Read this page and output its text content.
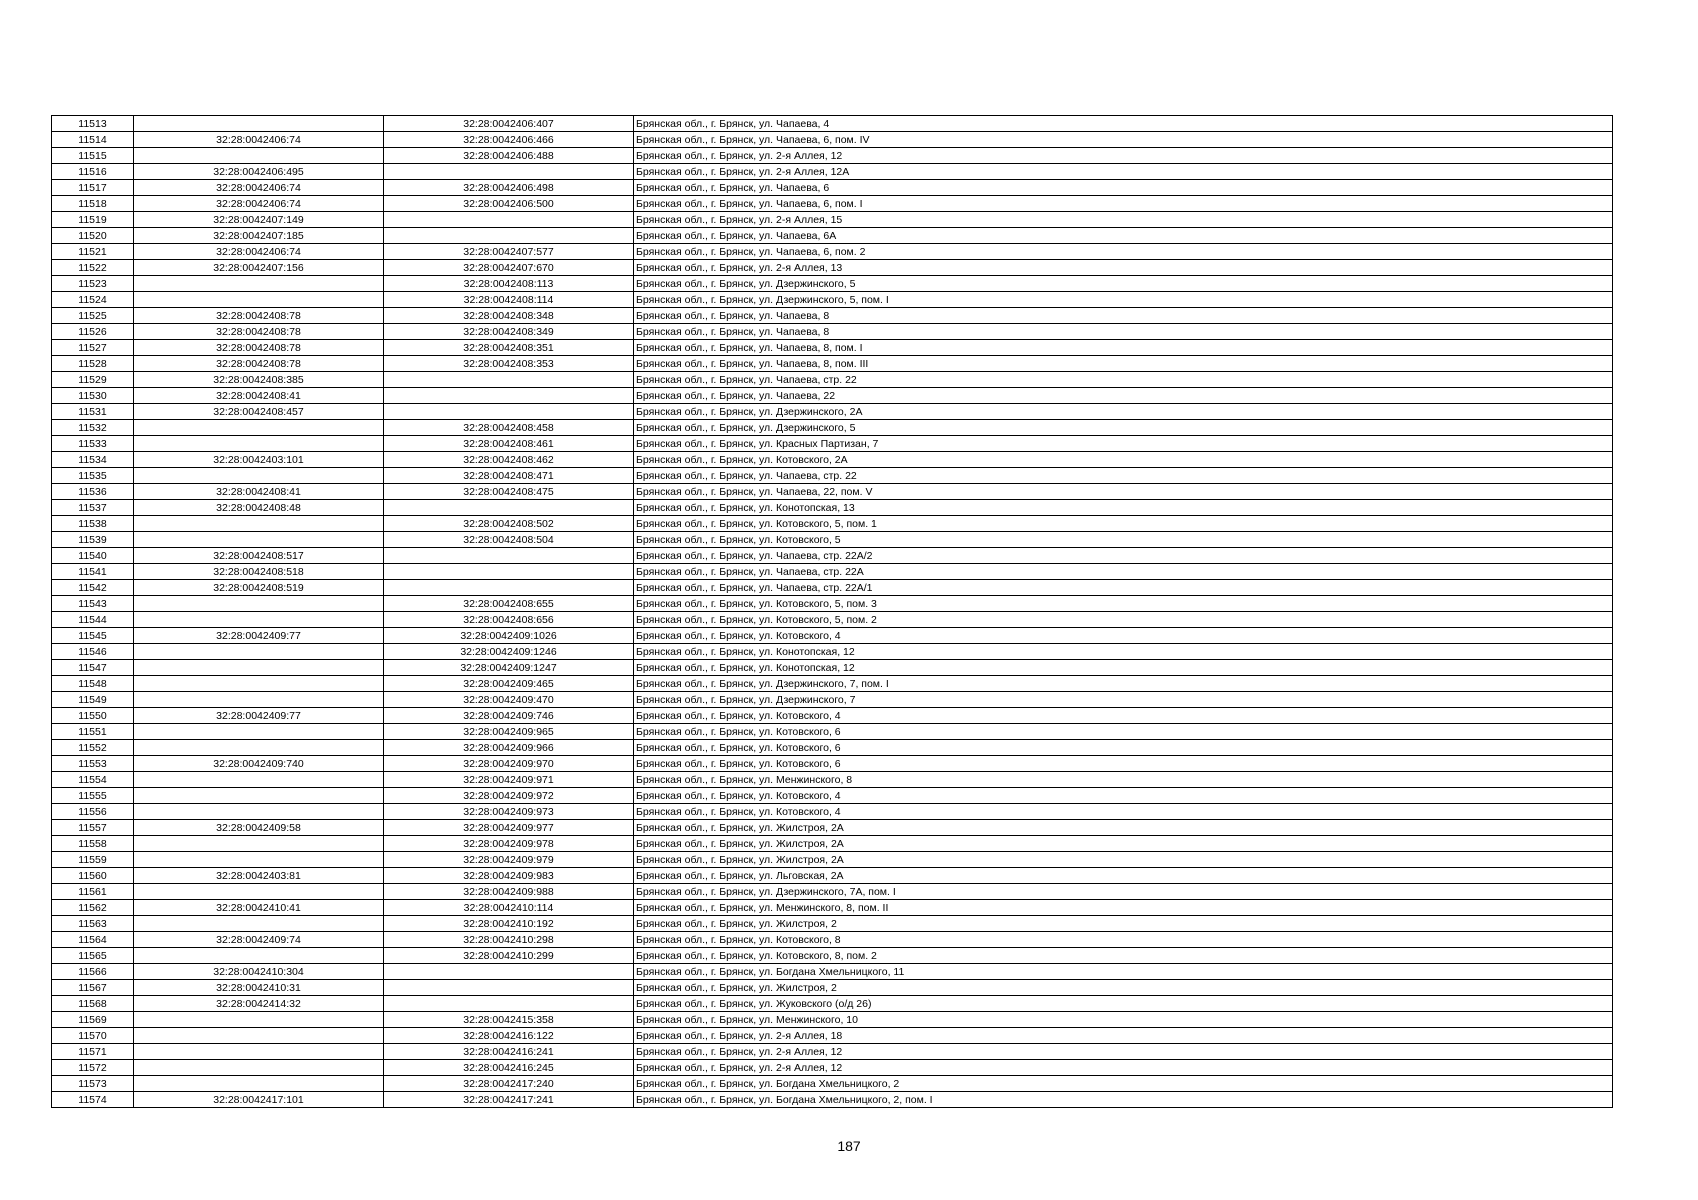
11513		32:28:0042406:407	Брянская обл., г. Брянск, ул. Чапаева, 4
11514	32:28:0042406:74	32:28:0042406:466	Брянская обл., г. Брянск, ул. Чапаева, 6, пом. IV
11515		32:28:0042406:488	Брянская обл., г. Брянск, ул. 2-я Аллея, 12
11516	32:28:0042406:495		Брянская обл., г. Брянск, ул. 2-я Аллея, 12А
11517	32:28:0042406:74	32:28:0042406:498	Брянская обл., г. Брянск, ул. Чапаева, 6
11518	32:28:0042406:74	32:28:0042406:500	Брянская обл., г. Брянск, ул. Чапаева, 6, пом. I
11519	32:28:0042407:149		Брянская обл., г. Брянск, ул. 2-я Аллея, 15
11520	32:28:0042407:185		Брянская обл., г. Брянск, ул. Чапаева, 6А
11521	32:28:0042406:74	32:28:0042407:577	Брянская обл., г. Брянск, ул. Чапаева, 6, пом. 2
11522	32:28:0042407:156	32:28:0042407:670	Брянская обл., г. Брянск, ул. 2-я Аллея, 13
11523		32:28:0042408:113	Брянская обл., г. Брянск, ул. Дзержинского, 5
11524		32:28:0042408:114	Брянская обл., г. Брянск, ул. Дзержинского, 5, пом. I
11525	32:28:0042408:78	32:28:0042408:348	Брянская обл., г. Брянск, ул. Чапаева, 8
11526	32:28:0042408:78	32:28:0042408:349	Брянская обл., г. Брянск, ул. Чапаева, 8
11527	32:28:0042408:78	32:28:0042408:351	Брянская обл., г. Брянск, ул. Чапаева, 8, пом. I
11528	32:28:0042408:78	32:28:0042408:353	Брянская обл., г. Брянск, ул. Чапаева, 8, пом. III
11529	32:28:0042408:385		Брянская обл., г. Брянск, ул. Чапаева, стр. 22
11530	32:28:0042408:41		Брянская обл., г. Брянск, ул. Чапаева, 22
11531	32:28:0042408:457		Брянская обл., г. Брянск, ул. Дзержинского, 2А
11532		32:28:0042408:458	Брянская обл., г. Брянск, ул. Дзержинского, 5
11533		32:28:0042408:461	Брянская обл., г. Брянск, ул. Красных Партизан, 7
11534	32:28:0042403:101	32:28:0042408:462	Брянская обл., г. Брянск, ул. Котовского, 2А
11535		32:28:0042408:471	Брянская обл., г. Брянск, ул. Чапаева, стр. 22
11536	32:28:0042408:41	32:28:0042408:475	Брянская обл., г. Брянск, ул. Чапаева, 22, пом. V
11537	32:28:0042408:48		Брянская обл., г. Брянск, ул. Конотопская, 13
11538		32:28:0042408:502	Брянская обл., г. Брянск, ул. Котовского, 5, пом. 1
11539		32:28:0042408:504	Брянская обл., г. Брянск, ул. Котовского, 5
11540	32:28:0042408:517		Брянская обл., г. Брянск, ул. Чапаева, стр. 22А/2
11541	32:28:0042408:518		Брянская обл., г. Брянск, ул. Чапаева, стр. 22А
11542	32:28:0042408:519		Брянская обл., г. Брянск, ул. Чапаева, стр. 22А/1
11543		32:28:0042408:655	Брянская обл., г. Брянск, ул. Котовского, 5, пом. 3
11544		32:28:0042408:656	Брянская обл., г. Брянск, ул. Котовского, 5, пом. 2
11545	32:28:0042409:77	32:28:0042409:1026	Брянская обл., г. Брянск, ул. Котовского, 4
11546		32:28:0042409:1246	Брянская обл., г. Брянск, ул. Конотопская, 12
11547		32:28:0042409:1247	Брянская обл., г. Брянск, ул. Конотопская, 12
11548		32:28:0042409:465	Брянская обл., г. Брянск, ул. Дзержинского, 7, пом. I
11549		32:28:0042409:470	Брянская обл., г. Брянск, ул. Дзержинского, 7
11550	32:28:0042409:77	32:28:0042409:746	Брянская обл., г. Брянск, ул. Котовского, 4
11551		32:28:0042409:965	Брянская обл., г. Брянск, ул. Котовского, 6
11552		32:28:0042409:966	Брянская обл., г. Брянск, ул. Котовского, 6
11553	32:28:0042409:740	32:28:0042409:970	Брянская обл., г. Брянск, ул. Котовского, 6
11554		32:28:0042409:971	Брянская обл., г. Брянск, ул. Менжинского, 8
11555		32:28:0042409:972	Брянская обл., г. Брянск, ул. Котовского, 4
11556		32:28:0042409:973	Брянская обл., г. Брянск, ул. Котовского, 4
11557	32:28:0042409:58	32:28:0042409:977	Брянская обл., г. Брянск, ул. Жилстроя, 2А
11558		32:28:0042409:978	Брянская обл., г. Брянск, ул. Жилстроя, 2А
11559		32:28:0042409:979	Брянская обл., г. Брянск, ул. Жилстроя, 2А
11560	32:28:0042403:81	32:28:0042409:983	Брянская обл., г. Брянск, ул. Льговская, 2А
11561		32:28:0042409:988	Брянская обл., г. Брянск, ул. Дзержинского, 7А, пом. I
11562	32:28:0042410:41	32:28:0042410:114	Брянская обл., г. Брянск, ул. Менжинского, 8, пом. II
11563		32:28:0042410:192	Брянская обл., г. Брянск, ул. Жилстроя, 2
11564	32:28:0042409:74	32:28:0042410:298	Брянская обл., г. Брянск, ул. Котовского, 8
11565		32:28:0042410:299	Брянская обл., г. Брянск, ул. Котовского, 8, пом. 2
11566	32:28:0042410:304		Брянская обл., г. Брянск, ул. Богдана Хмельницкого, 11
11567	32:28:0042410:31		Брянская обл., г. Брянск, ул. Жилстроя, 2
11568	32:28:0042414:32		Брянская обл., г. Брянск, ул. Жуковского (о/д 26)
11569		32:28:0042415:358	Брянская обл., г. Брянск, ул. Менжинского, 10
11570		32:28:0042416:122	Брянская обл., г. Брянск, ул. 2-я Аллея, 18
11571		32:28:0042416:241	Брянская обл., г. Брянск, ул. 2-я Аллея, 12
11572		32:28:0042416:245	Брянская обл., г. Брянск, ул. 2-я Аллея, 12
11573		32:28:0042417:240	Брянская обл., г. Брянск, ул. Богдана Хмельницкого, 2
11574	32:28:0042417:101	32:28:0042417:241	Брянская обл., г. Брянск, ул. Богдана Хмельницкого, 2, пом. I
187
